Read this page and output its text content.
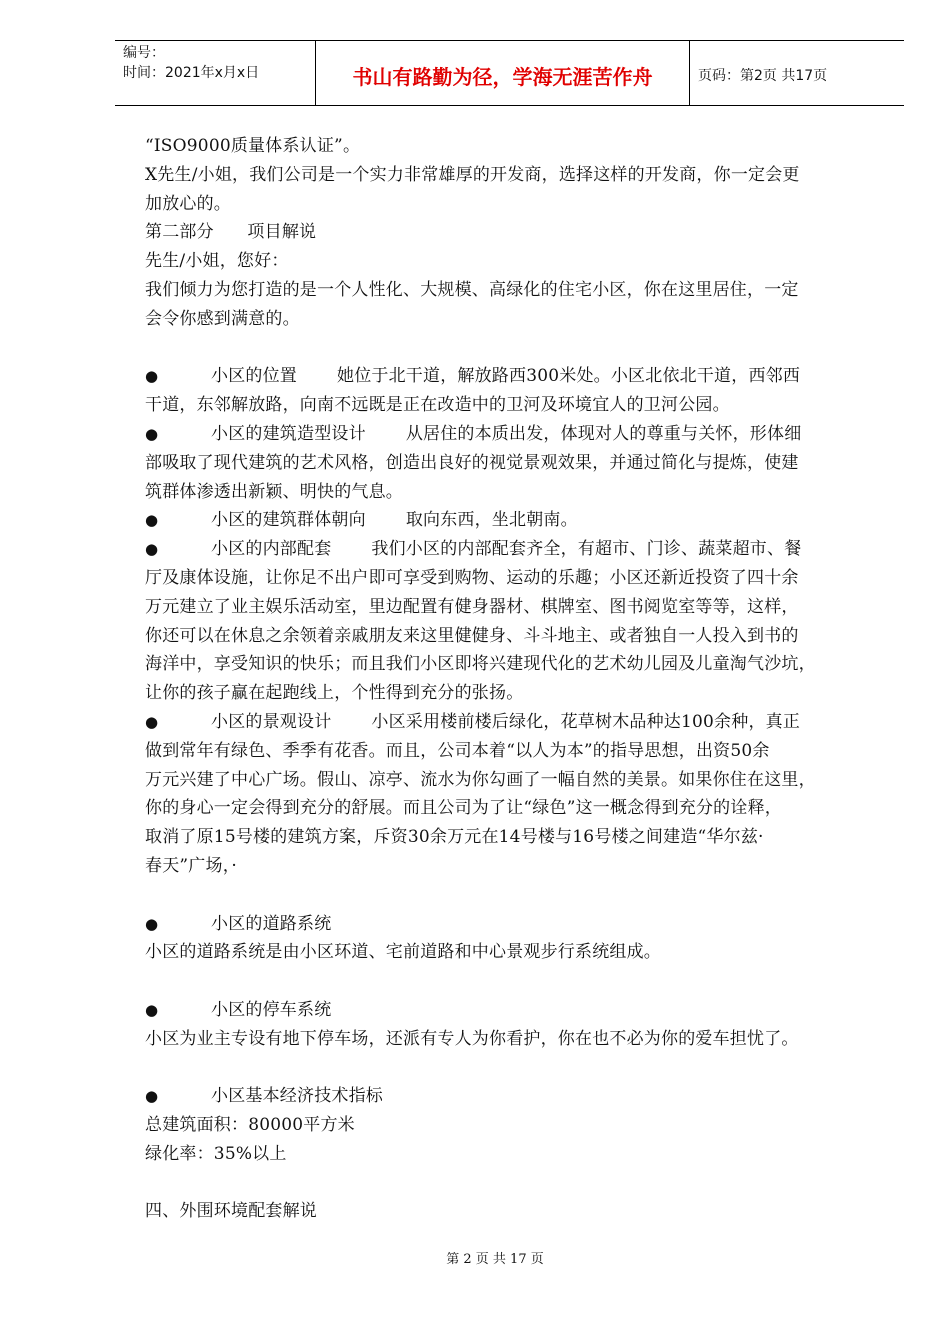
编号：
时间：2021年x月x日	书山有路勤为径，学海无涯苦作舟	页码：第2页 共17页
“ISO9000质量体系认证”。
X先生/小姐，我们公司是一个实力非常雄厚的开发商，选择这样的开发商，你一定会更
加放心的。
第二部分      项目解说
先生/小姐，您好：
我们倾力为您打造的是一个人性化、大规模、高绿化的住宅小区，你在这里居住，一定
会令你感到满意的。
●	小区的位置 她位于北干道，解放路西300米处。小区北依北干道，西邻西
干道，东邻解放路，向南不远既是正在改造中的卫河及环境宜人的卫河公园。
●	小区的建筑造型设计 从居住的本质出发，体现对人的尊重与关怀，形体细
部吸取了现代建筑的艺术风格，创造出良好的视觉景观效果，并通过简化与提炼，使建
筑群体渗透出新颖、明快的气息。
●	小区的建筑群体朝向 取向东西，坐北朝南。
●	小区的内部配套 我们小区的内部配套齐全，有超市、门诊、蔬菜超市、餐
厅及康体设施，让你足不出户即可享受到购物、运动的乐趣；小区还新近投资了四十余
万元建立了业主娱乐活动室，里边配置有健身器材、棋牌室、图书阅览室等等，这样，
你还可以在休息之余领着亲戚朋友来这里健健身、斗斗地主、或者独自一人投入到书的
海洋中，享受知识的快乐；而且我们小区即将兴建现代化的艺术幼儿园及儿童淘气沙坑，
让你的孩子赢在起跑线上，个性得到充分的张扬。
●	小区的景观设计 小区采用楼前楼后绿化，花草树木品种达100余种，真正
做到常年有绿色、季季有花香。而且，公司本着“以人为本”的指导思想，出资50余
万元兴建了中心广场。假山、凉亭、流水为你勾画了一幅自然的美景。如果你住在这里，
你的身心一定会得到充分的舒展。而且公司为了让“绿色”这一概念得到充分的诠释，
取消了原15号楼的建筑方案，斥资30余万元在14号楼与16号楼之间建造“华尔兹·
春天”广场，·
●	小区的道路系统
小区的道路系统是由小区环道、宅前道路和中心景观步行系统组成。
●	小区的停车系统
小区为业主专设有地下停车场，还派有专人为你看护，你在也不必为你的爱车担忧了。
●	小区基本经济技术指标
总建筑面积：80000平方米
绿化率：35%以上
四、外围环境配套解说
第 2 页 共 17 页
